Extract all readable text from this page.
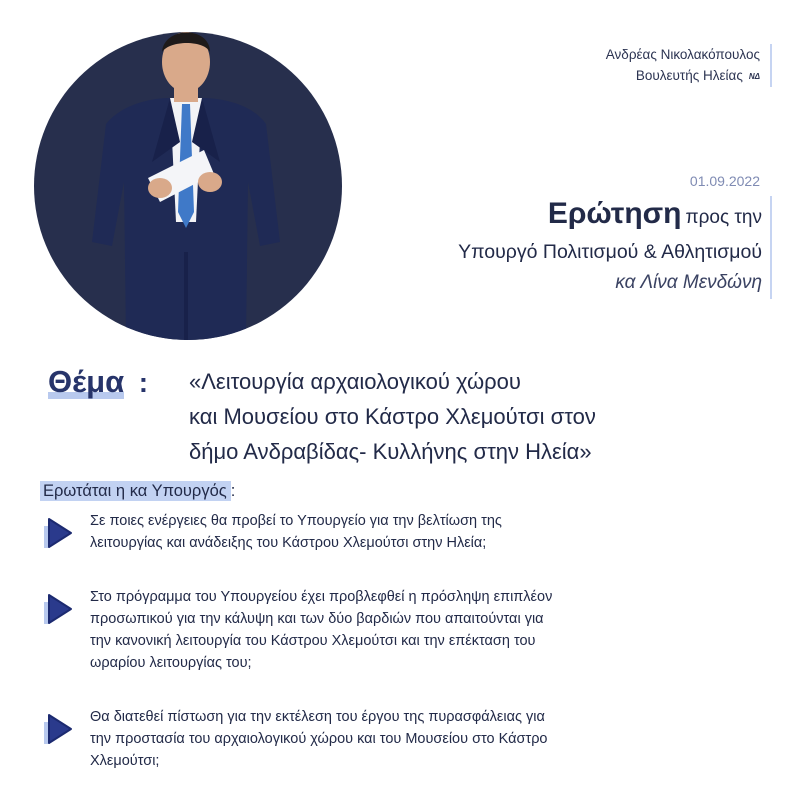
Ανδρέας Νικολακόπουλος
Βουλευτής Ηλείας ΝΔ
01.09.2022
Ερώτηση προς την
Υπουργό Πολιτισμού & Αθλητισμού
κα Λίνα Μενδώνη
Θέμα : «Λειτουργία αρχαιολογικού χώρου
και Μουσείου στο Κάστρο Χλεμούτσι στον
δήμο Ανδραβίδας- Κυλλήνης στην Ηλεία»
Ερωτάται η κα Υπουργός :
Σε ποιες ενέργειες θα προβεί το Υπουργείο για την βελτίωση της
λειτουργίας και ανάδειξης του Κάστρου Χλεμούτσι στην Ηλεία;
Στο πρόγραμμα του Υπουργείου έχει προβλεφθεί η πρόσληψη επιπλέον
προσωπικού για την κάλυψη και των δύο βαρδιών που απαιτούνται για
την κανονική λειτουργία του Κάστρου Χλεμούτσι και την επέκταση του
ωραρίου λειτουργίας του;
Θα διατεθεί πίστωση για την εκτέλεση του έργου της πυρασφάλειας για
την προστασία του αρχαιολογικού χώρου και του Μουσείου στο Κάστρο
Χλεμούτσι;
